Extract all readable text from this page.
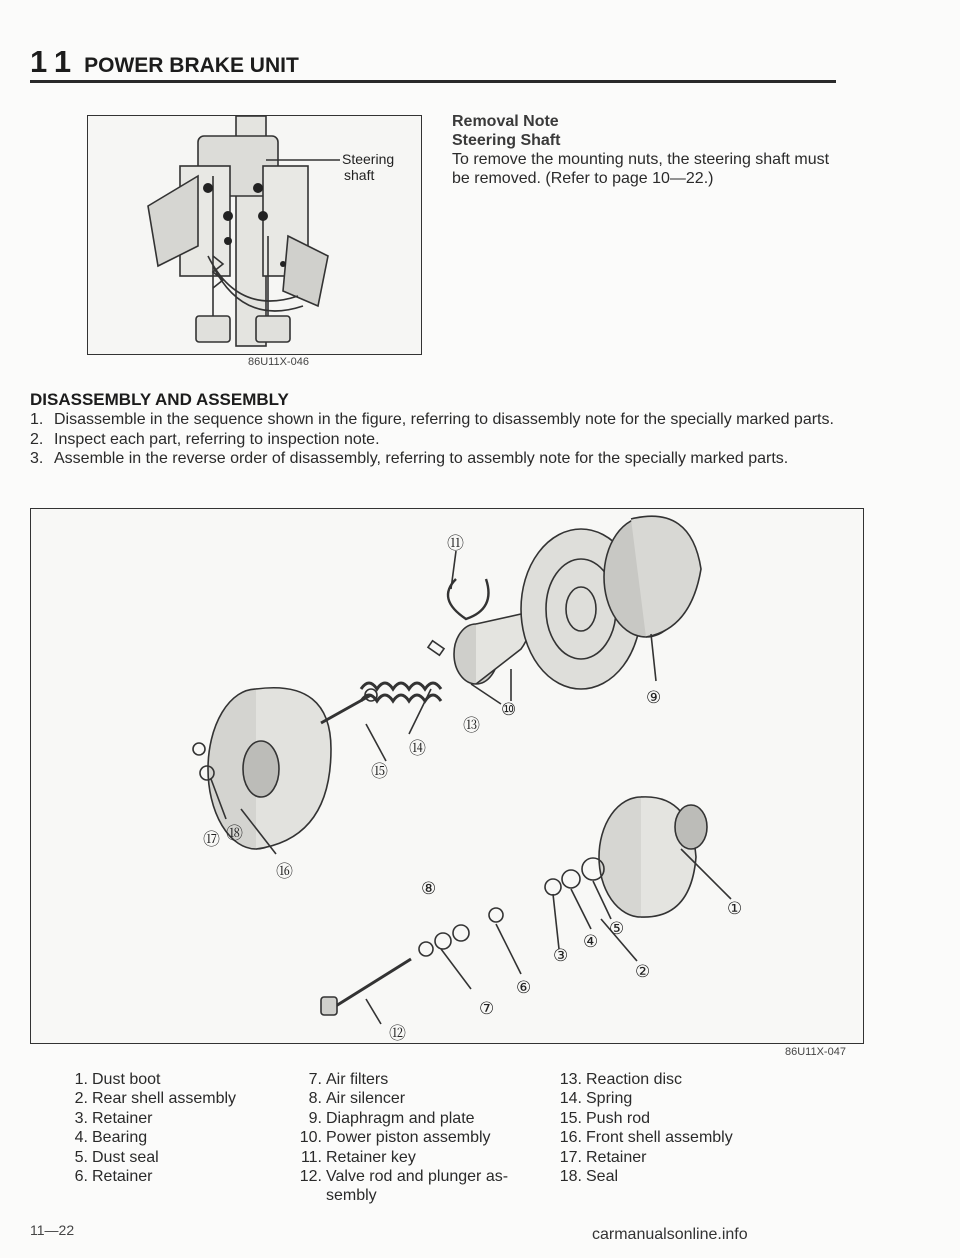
1 1 POWER BRAKE UNIT
Steering
shaft
86U11X-046
Removal Note
Steering Shaft
To remove the mounting nuts, the steering shaft must be removed. (Refer to page 10—22.)
DISASSEMBLY AND ASSEMBLY
1. Disassemble in the sequence shown in the figure, referring to disassembly note for the specially marked parts.
2. Inspect each part, referring to inspection note.
3. Assemble in the reverse order of disassembly, referring to assembly note for the specially marked parts.
⑪
⑨
⑩
⑬
⑭
⑮
⑱
⑰
⑯
⑧
①
⑤
④
③
②
⑥
⑦
⑫
86U11X-047
1. Dust boot
2. Rear shell assembly
3. Retainer
4. Bearing
5. Dust seal
6. Retainer
7. Air filters
8. Air silencer
9. Diaphragm and plate
10. Power piston assembly
11. Retainer key
12. Valve rod and plunger as- sembly
13. Reaction disc
14. Spring
15. Push rod
16. Front shell assembly
17. Retainer
18. Seal
11—22	carmanualsonline.info
